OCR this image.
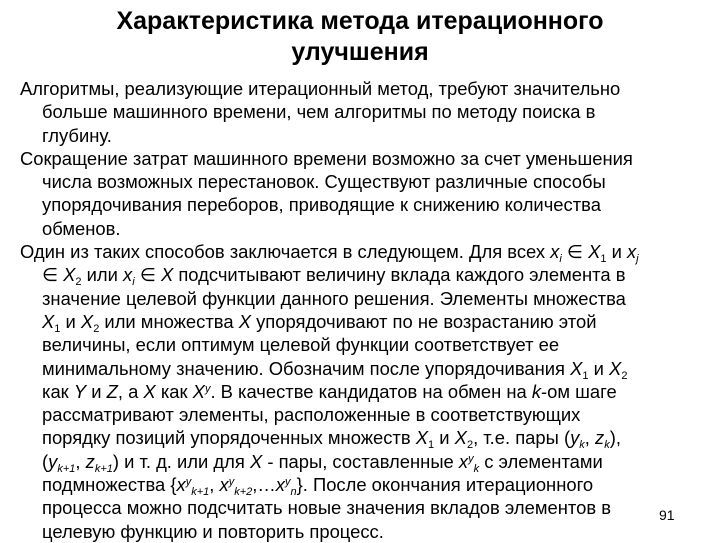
Характеристика метода итерационного
улучшения
Алгоритмы, реализующие итерационный метод, требуют значительно
больше машинного времени, чем алгоритмы по методу поиска в
глубину.
Сокращение затрат машинного времени возможно за счет уменьшения
числа возможных перестановок. Существуют различные способы
упорядочивания переборов, приводящие к снижению количества
обменов.
Один из таких способов заключается в следующем. Для всех $x_i$ ∈ $X_1$ и $x_j$
∈ $X_2$ или $x_i$ ∈ X подсчитывают величину вклада каждого элемента в
значение целевой функции данного решения. Элементы множества
$X_1$ и $X_2$ или множества X упорядочивают по не возрастанию этой
величины, если оптимум целевой функции соответствует ее
минимальному значению. Обозначим после упорядочивания $X_1$ и $X_2$
как Y и Z, а X как $X^y$. В качестве кандидатов на обмен на k-ом шаге
рассматривают элементы, расположенные в соответствующих
порядку позиций упорядоченных множеств $X_1$ и $X_2$, т.е. пары ($y_k$, $z_k$),
($y_{k+1}$, $z_{k+1}$) и т. д. или для X - пары, составленные $x^y_k$ с элементами
подмножества {$x^y_{k+1}$, $x^y_{k+2},\dots x^y_n$}. После окончания итерационного
процесса можно подсчитать новые значения вкладов элементов в
целевую функцию и повторить процесс.
91
